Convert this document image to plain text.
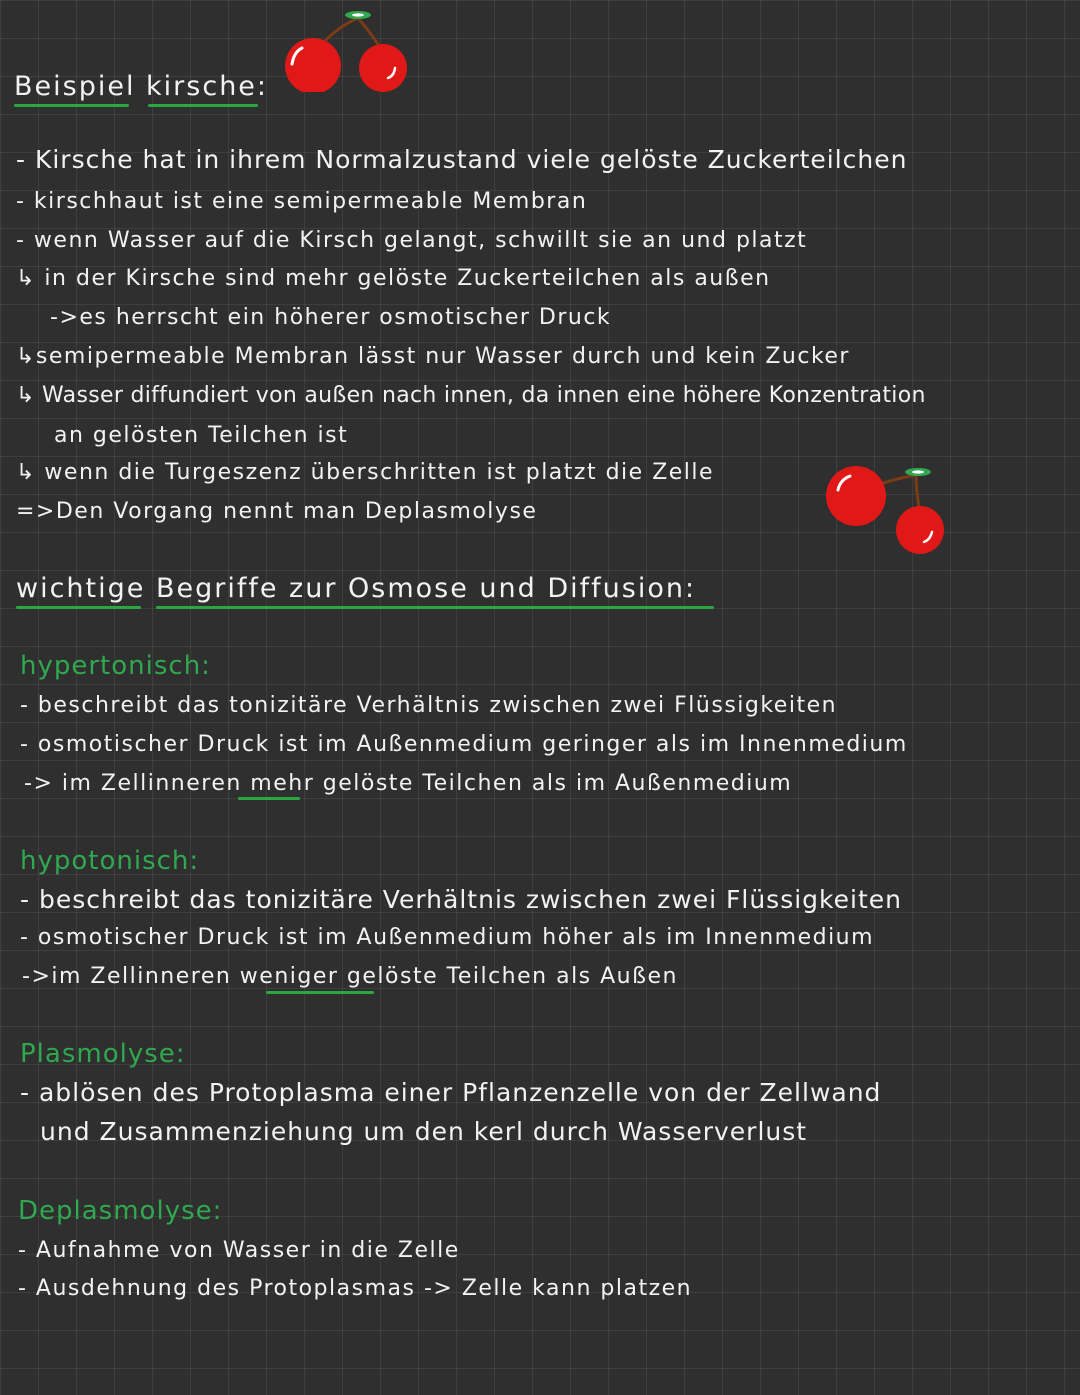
Beispiel kirsche:
- Kirsche hat in ihrem Normalzustand viele gelöste Zuckerteilchen
- kirschhaut ist eine semipermeable Membran
- wenn Wasser auf die Kirsch gelangt, schwillt sie an und platzt
↳ in der Kirsche sind mehr gelöste Zuckerteilchen als außen
->es herrscht ein höherer osmotischer Druck
↳semipermeable Membran lässt nur Wasser durch und kein Zucker
↳ Wasser diffundiert von außen nach innen, da innen eine höhere Konzentration
an gelösten Teilchen ist
↳ wenn die Turgeszenz überschritten ist platzt die Zelle
=>Den Vorgang nennt man Deplasmolyse
wichtige Begriffe zur Osmose und Diffusion:
hypertonisch:
- beschreibt das tonizitäre Verhältnis zwischen zwei Flüssigkeiten
- osmotischer Druck ist im Außenmedium geringer als im Innenmedium
-> im Zellinneren mehr gelöste Teilchen als im Außenmedium
hypotonisch:
- beschreibt das tonizitäre Verhältnis zwischen zwei Flüssigkeiten
- osmotischer Druck ist im Außenmedium höher als im Innenmedium
->im Zellinneren weniger gelöste Teilchen als Außen
Plasmolyse:
- ablösen des Protoplasma einer Pflanzenzelle von der Zellwand
und Zusammenziehung um den kerl durch Wasserverlust
Deplasmolyse:
- Aufnahme von Wasser in die Zelle
- Ausdehnung des Protoplasmas -> Zelle kann platzen
